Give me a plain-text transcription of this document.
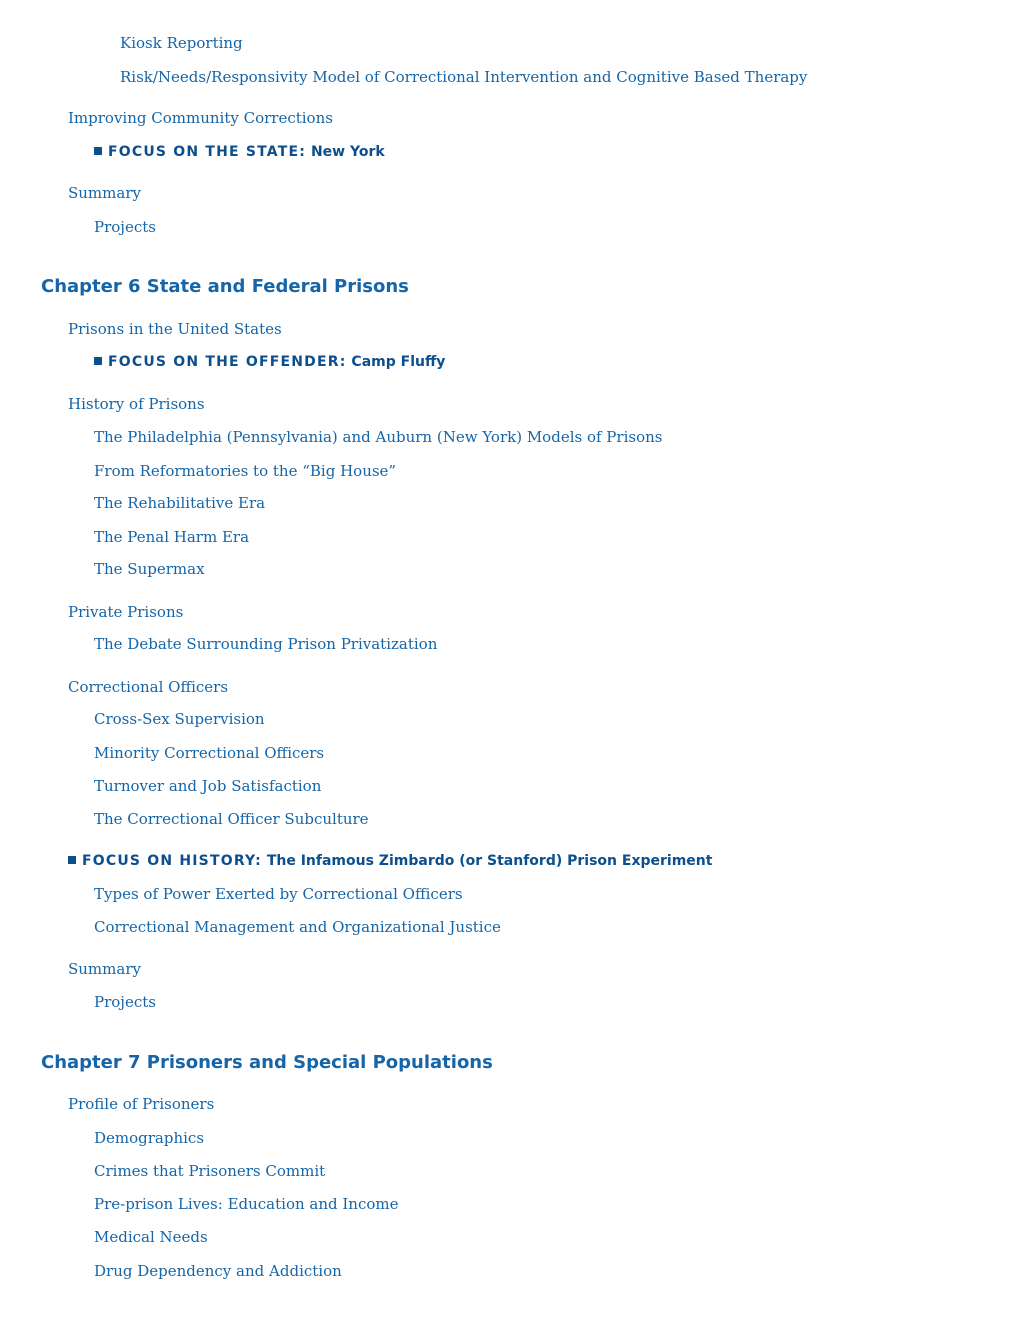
Kiosk Reporting
Risk/Needs/Responsivity Model of Correctional Intervention and Cognitive Based Therapy
Improving Community Corrections
FOCUS ON THE STATE: New York
Summary
Projects
Chapter 6 State and Federal Prisons
Prisons in the United States
FOCUS ON THE OFFENDER: Camp Fluffy
History of Prisons
The Philadelphia (Pennsylvania) and Auburn (New York) Models of Prisons
From Reformatories to the “Big House”
The Rehabilitative Era
The Penal Harm Era
The Supermax
Private Prisons
The Debate Surrounding Prison Privatization
Correctional Officers
Cross-Sex Supervision
Minority Correctional Officers
Turnover and Job Satisfaction
The Correctional Officer Subculture
FOCUS ON HISTORY: The Infamous Zimbardo (or Stanford) Prison Experiment
Types of Power Exerted by Correctional Officers
Correctional Management and Organizational Justice
Summary
Projects
Chapter 7 Prisoners and Special Populations
Profile of Prisoners
Demographics
Crimes that Prisoners Commit
Pre-prison Lives: Education and Income
Medical Needs
Drug Dependency and Addiction
